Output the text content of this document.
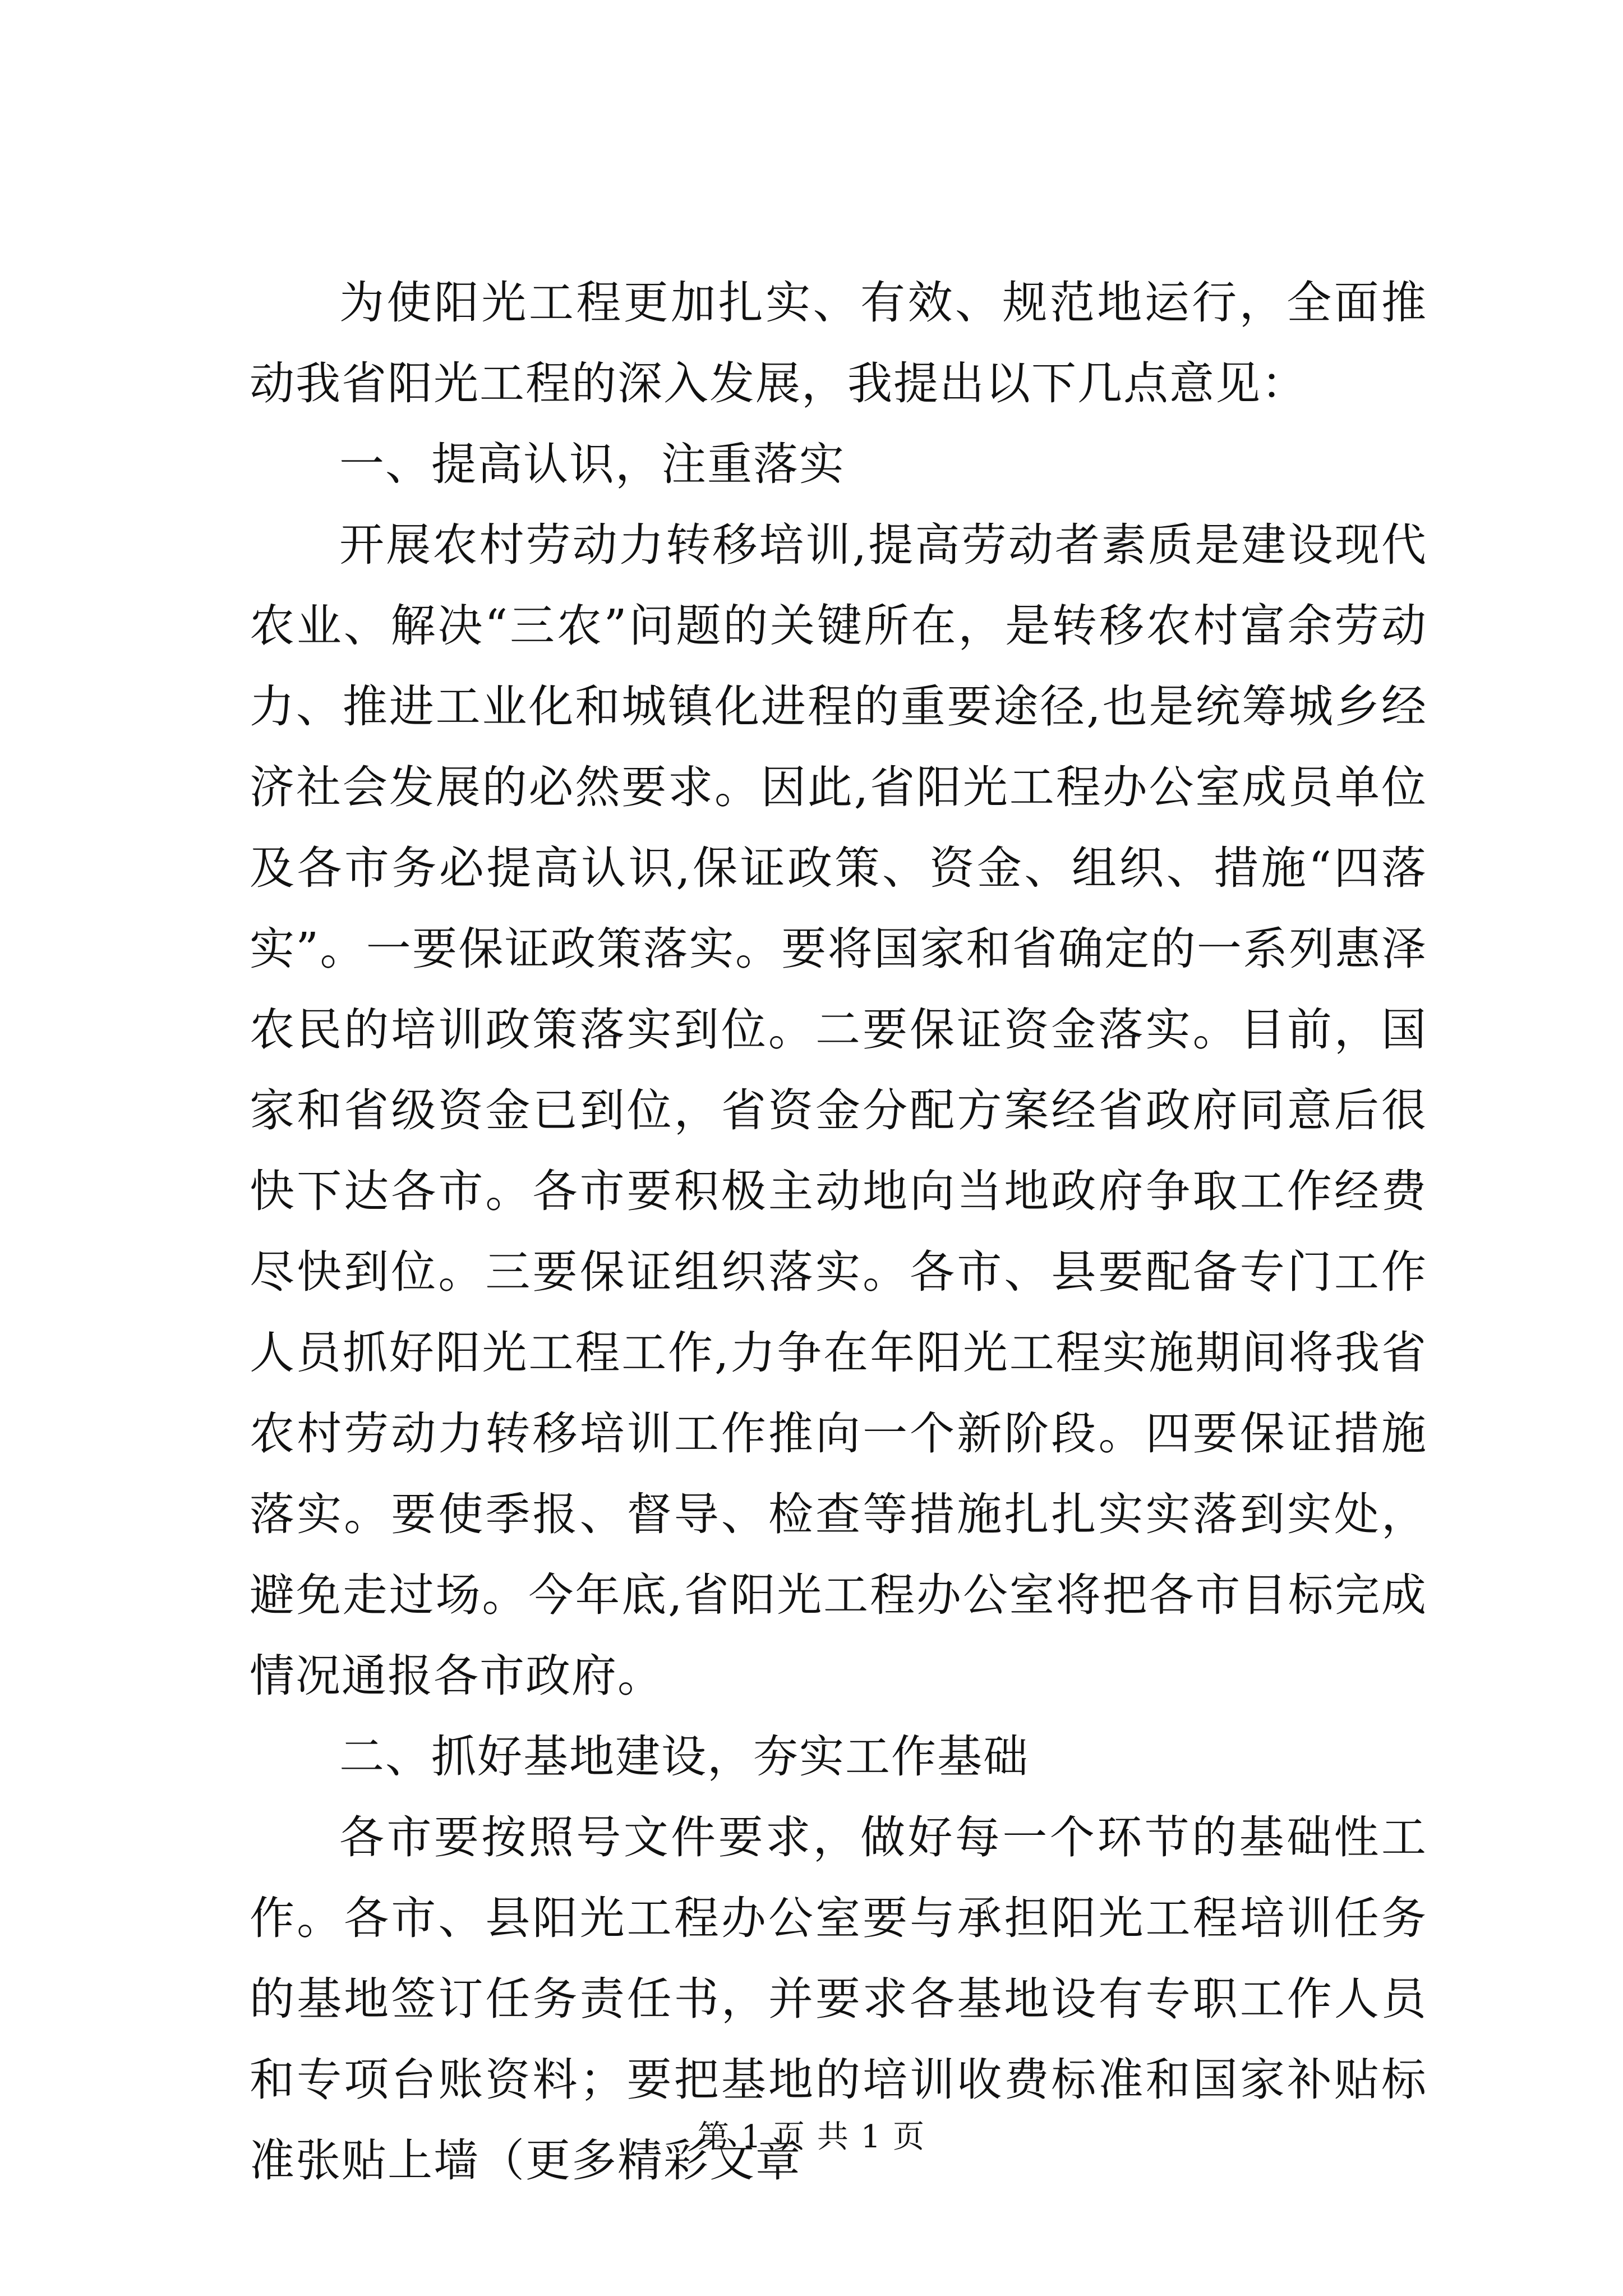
为使阳光工程更加扎实、有效、规范地运行，全面推动我省阳光工程的深入发展，我提出以下几点意见：

一、提高认识，注重落实

开展农村劳动力转移培训,提高劳动者素质是建设现代农业、解决“三农”问题的关键所在，是转移农村富余劳动力、推进工业化和城镇化进程的重要途径,也是统筹城乡经济社会发展的必然要求。因此,省阳光工程办公室成员单位及各市务必提高认识,保证政策、资金、组织、措施“四落实”。一要保证政策落实。要将国家和省确定的一系列惠泽农民的培训政策落实到位。二要保证资金落实。目前，国家和省级资金已到位，省资金分配方案经省政府同意后很快下达各市。各市要积极主动地向当地政府争取工作经费尽快到位。三要保证组织落实。各市、县要配备专门工作人员抓好阳光工程工作,力争在年阳光工程实施期间将我省农村劳动力转移培训工作推向一个新阶段。四要保证措施落实。要使季报、督导、检查等措施扎扎实实落到实处，避免走过场。今年底,省阳光工程办公室将把各市目标完成情况通报各市政府。

二、抓好基地建设，夯实工作基础

各市要按照号文件要求，做好每一个环节的基础性工作。各市、县阳光工程办公室要与承担阳光工程培训任务的基地签订任务责任书，并要求各基地设有专职工作人员和专项台账资料；要把基地的培训收费标准和国家补贴标准张贴上墙（更多精彩文章

第 1 页 共 1 页
